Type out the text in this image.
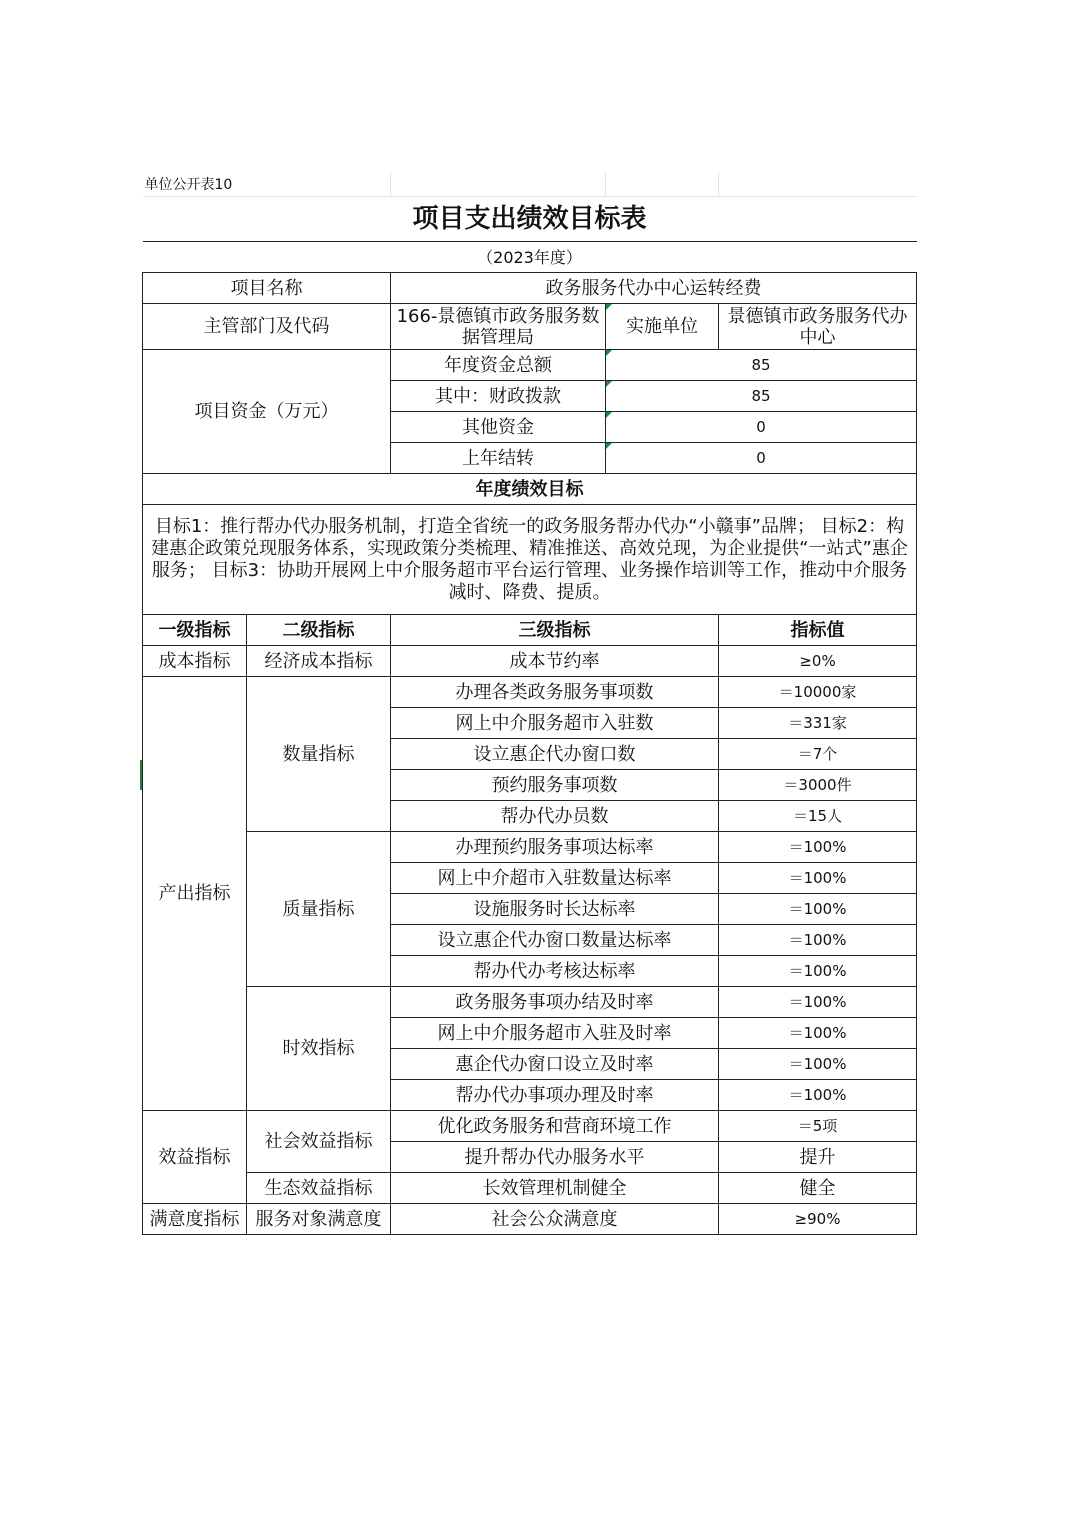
单位公开表10				
项目支出绩效目标表				
（2023年度）				
项目名称		政务服务代办中心运转经费		
主管部门及代码		166-景德镇市政务服务数据管理局	实施单位	景德镇市政务服务代办中心
项目资金（万元）		年度资金总额	85	
		其中：财政拨款	85	
		其他资金	0	
		上年结转	0	
年度绩效目标				
目标1：推行帮办代办服务机制，打造全省统一的政务服务帮办代办“小赣事”品牌； 目标2：构建惠企政策兑现服务体系，实现政策分类梳理、精准推送、高效兑现，为企业提供“一站式”惠企服务； 目标3：协助开展网上中介服务超市平台运行管理、业务操作培训等工作，推动中介服务减时、降费、提质。				
一级指标	二级指标	三级指标		指标值
成本指标	经济成本指标	成本节约率		≥0%
产出指标	数量指标	办理各类政务服务事项数		＝10000家
		网上中介服务超市入驻数		＝331家
		设立惠企代办窗口数		＝7个
		预约服务事项数		＝3000件
		帮办代办员数		＝15人
	质量指标	办理预约服务事项达标率		＝100%
		网上中介超市入驻数量达标率		＝100%
		设施服务时长达标率		＝100%
		设立惠企代办窗口数量达标率		＝100%
		帮办代办考核达标率		＝100%
	时效指标	政务服务事项办结及时率		＝100%
		网上中介服务超市入驻及时率		＝100%
		惠企代办窗口设立及时率		＝100%
		帮办代办事项办理及时率		＝100%
效益指标	社会效益指标	优化政务服务和营商环境工作		＝5项
		提升帮办代办服务水平		提升
	生态效益指标	长效管理机制健全		健全
满意度指标	服务对象满意度	社会公众满意度		≥90%
